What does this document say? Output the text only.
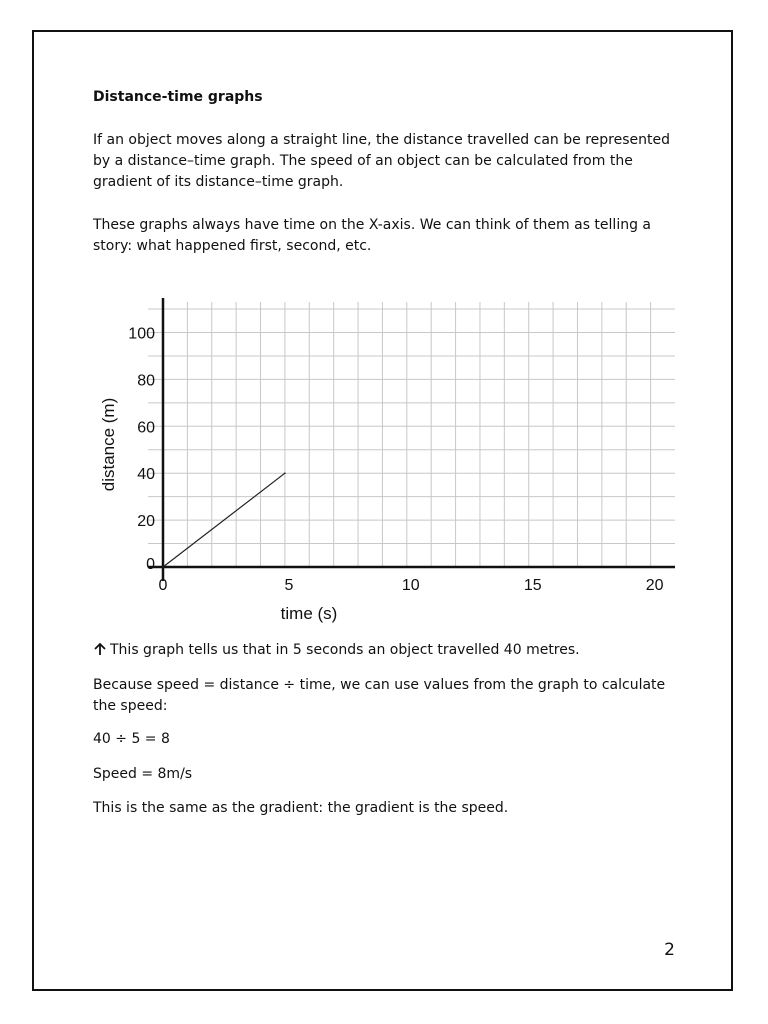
Distance-time graphs

If an object moves along a straight line, the distance travelled can be represented by a distance–time graph. The speed of an object can be calculated from the gradient of its distance–time graph.

These graphs always have time on the X-axis. We can think of them as telling a story: what happened first, second, etc.

0	5	10	15	20
0
20
40
60
80
100
time (s)
distance (m)

This graph tells us that in 5 seconds an object travelled 40 metres.

Because speed = distance ÷ time, we can use values from the graph to calculate the speed:

40 ÷ 5 = 8

Speed = 8m/s

This is the same as the gradient: the gradient is the speed.

2
